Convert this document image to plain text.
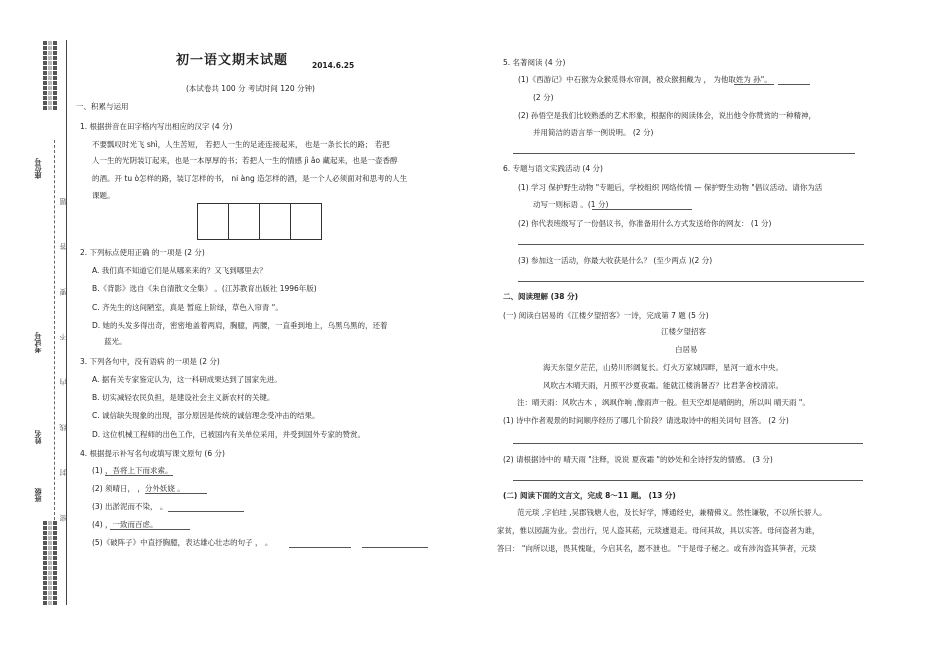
班级
姓名
考试号
座位号
密 封 线 内 不 要 答 题
初一语文期末试题	2014.6.25
(本试卷共 100 分 考试时间 120 分钟)
一、积累与运用
1. 根据拼音在田字格内写出相应的汉字 (4 分)
不要瓢叹时光飞 shì，人生苦短， 若把人一生的足迹连接起来， 也是一条长长的路； 若把
人一生的光阴装订起来，也是一本厚厚的书；若把人一生的情感 jì ǎo 藏起来，也是一壶香醇
的酒。开 tu ò怎样的路，装订怎样的书， ni àng 造怎样的酒，是一个人必须面对和思考的人生
课题。
2. 下列标点使用正确 的一项是 (2 分)
A. 我们真不知道它们是从哪来来的？又飞到哪里去？
B.《背影》选自《朱自清散文全集》 。(江苏教育出版社 1996年版)
C. 齐先生的这间陋室，真是 暂庭上阶绿，草色入帘青 "。
D. 她的头发多得出奇，密密地盖着两肩，胸臆，两腰，一直垂到地上，乌黑乌黑的，还着
蓝光。
3. 下列各句中，没有语病 的一项是 (2 分)
A. 据有关专家鉴定认为，这一科研成果达到了国家先进。
B. 切实减轻农民负担，是建设社会主义新农村的关键。
C. 诚信缺失现象的出现，部分原因是传统的诚信理念受冲击的结果。
D. 这位机械工程师的出色工作，已被国内有关单位采用，并受到国外专家的赞赏。
4. 根据提示补写名句或填写课文原句 (6 分)
(1) ，吾将上下而求索。
(2) 须晴日， ，分外妖娆 。
(3) 出淤泥而不染， 。
(4) ，一致而百虑。
(5)《破阵子》中直抒胸臆，表达雄心壮志的句子 ， 。
5. 名著阅读 (4 分)
(1)《西游记》中石猴为众猴觅得水帘洞，被众猴拥戴为 ， 为他取姓为 孙"。
(2 分)
(2) 孙悟空是我们比较熟悉的艺术形象，根据你的阅读体会，说出他令你赞赏的一种精神，
并用简洁的语言举一例说明。 (2 分)
6. 专题与语文实践活动 (4 分)
(1) 学习 保护野生动物 "专题后，学校组织 网络传情 — 保护野生动物 "倡议活动。请你为活
动写一则标语 。(1 分)
(2) 你代表班级写了一份倡议书，你准备用什么方式发送给你的网友： (1 分)
(3) 参加这一活动，你最大收获是什么？ (至少两点 )(2 分)
二、阅读理解 (38 分)
(一) 阅读白居易的《江楼夕望招客》一诗，完成第 7 题 (5 分)
江楼夕望招客
白居易
海天东望夕茫茫，山势川形阔复长。灯火万家城四畔，星河一道水中央。
风吹古木晴天雨，月照平沙夏夜霜。能就江楼消暑否？比君茅舍校清凉。
注：晴天雨：风吹古木 ，飒飒作响 ,像雨声一般。但天空却是晴朗的，所以叫 晴天雨 "。
(1) 诗中作者观景的时间顺序经历了哪几个阶段？请选取诗中的相关词句 回答。 (2 分)
(2) 请根据诗中的 晴天雨 "注释，说说 夏夜霜 "的妙处和全诗抒发的情感。 (3 分)
(二) 阅读下面的文言文，完成 8～11 题。 (13 分)
范元琰 ,字伯珪 ,吴郡钱塘人也，及长好学，博通经史，兼精佛义。然性谦敬，不以所长骄人。
家贫，惟以园蔬为业。尝出行，见人盗其菘，元琰遽退走。母问其故，具以实答。母问盗者为谁，
答曰： "向所以退，畏其愧耻，今启其名，愿不泄也。 "于是母子秘之。或有涉沟盗其笋者，元琰
